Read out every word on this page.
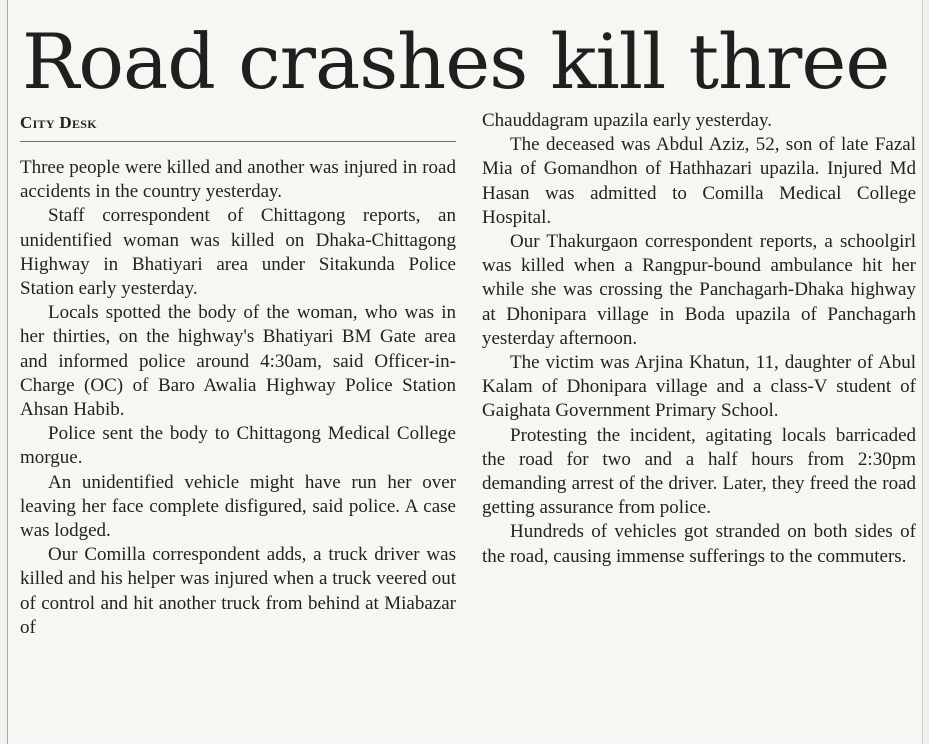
Road crashes kill three
City Desk

Three people were killed and another was injured in road accidents in the country yesterday.

Staff correspondent of Chittagong reports, an unidentified woman was killed on Dhaka-Chittagong Highway in Bhatiyari area under Sitakunda Police Station early yesterday.

Locals spotted the body of the woman, who was in her thirties, on the highway's Bhatiyari BM Gate area and informed police around 4:30am, said Officer-in-Charge (OC) of Baro Awalia Highway Police Station Ahsan Habib.

Police sent the body to Chittagong Medical College morgue.

An unidentified vehicle might have run her over leaving her face complete disfigured, said police. A case was lodged.

Our Comilla correspondent adds, a truck driver was killed and his helper was injured when a truck veered out of control and hit another truck from behind at Miabazar of

Chauddagram upazila early yesterday.

The deceased was Abdul Aziz, 52, son of late Fazal Mia of Gomandhon of Hathhazari upazila. Injured Md Hasan was admitted to Comilla Medical College Hospital.

Our Thakurgaon correspondent reports, a schoolgirl was killed when a Rangpur-bound ambulance hit her while she was crossing the Panchagarh-Dhaka highway at Dhonipara village in Boda upazila of Panchagarh yesterday afternoon.

The victim was Arjina Khatun, 11, daughter of Abul Kalam of Dhonipara village and a class-V student of Gaighata Government Primary School.

Protesting the incident, agitating locals barricaded the road for two and a half hours from 2:30pm demanding arrest of the driver. Later, they freed the road getting assurance from police.

Hundreds of vehicles got stranded on both sides of the road, causing immense sufferings to the commuters.
